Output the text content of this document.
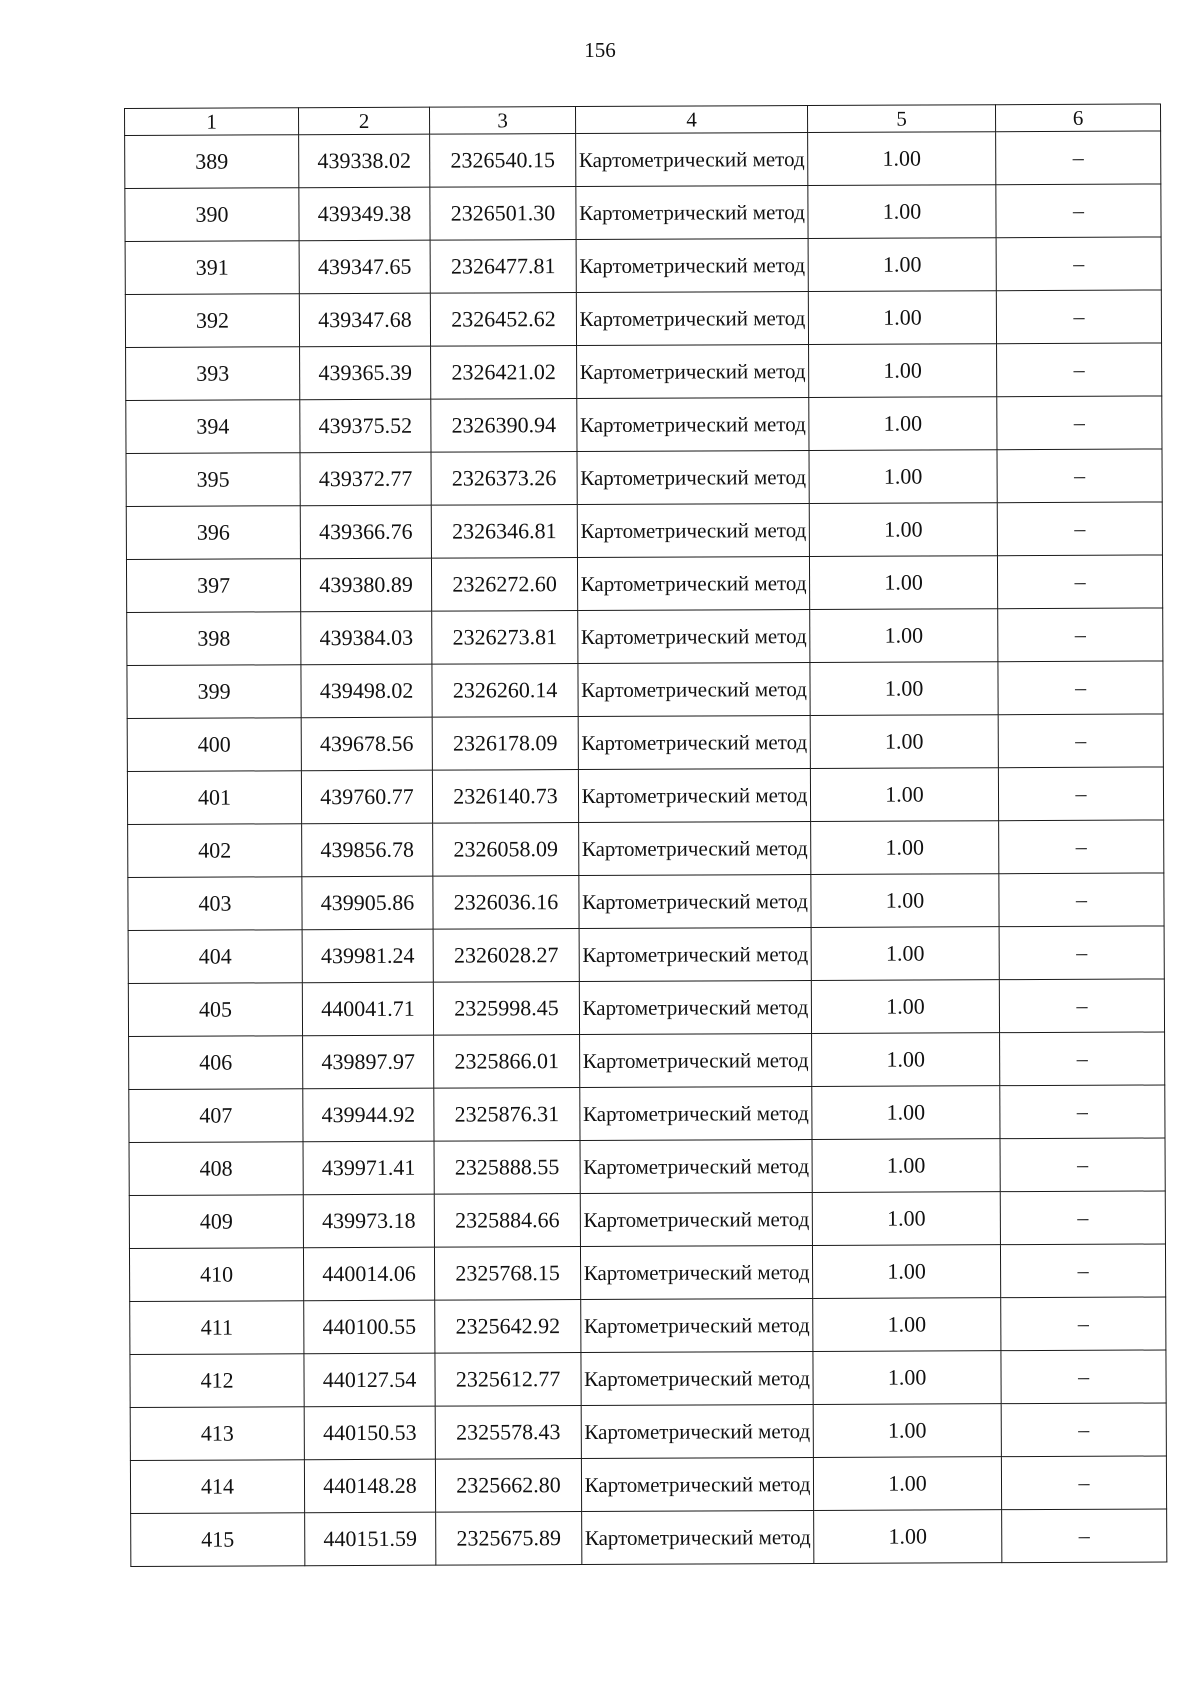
156
1	2	3	4	5	6
389	439338.02	2326540.15	Картометрический метод	1.00	–
390	439349.38	2326501.30	Картометрический метод	1.00	–
391	439347.65	2326477.81	Картометрический метод	1.00	–
392	439347.68	2326452.62	Картометрический метод	1.00	–
393	439365.39	2326421.02	Картометрический метод	1.00	–
394	439375.52	2326390.94	Картометрический метод	1.00	–
395	439372.77	2326373.26	Картометрический метод	1.00	–
396	439366.76	2326346.81	Картометрический метод	1.00	–
397	439380.89	2326272.60	Картометрический метод	1.00	–
398	439384.03	2326273.81	Картометрический метод	1.00	–
399	439498.02	2326260.14	Картометрический метод	1.00	–
400	439678.56	2326178.09	Картометрический метод	1.00	–
401	439760.77	2326140.73	Картометрический метод	1.00	–
402	439856.78	2326058.09	Картометрический метод	1.00	–
403	439905.86	2326036.16	Картометрический метод	1.00	–
404	439981.24	2326028.27	Картометрический метод	1.00	–
405	440041.71	2325998.45	Картометрический метод	1.00	–
406	439897.97	2325866.01	Картометрический метод	1.00	–
407	439944.92	2325876.31	Картометрический метод	1.00	–
408	439971.41	2325888.55	Картометрический метод	1.00	–
409	439973.18	2325884.66	Картометрический метод	1.00	–
410	440014.06	2325768.15	Картометрический метод	1.00	–
411	440100.55	2325642.92	Картометрический метод	1.00	–
412	440127.54	2325612.77	Картометрический метод	1.00	–
413	440150.53	2325578.43	Картометрический метод	1.00	–
414	440148.28	2325662.80	Картометрический метод	1.00	–
415	440151.59	2325675.89	Картометрический метод	1.00	–
